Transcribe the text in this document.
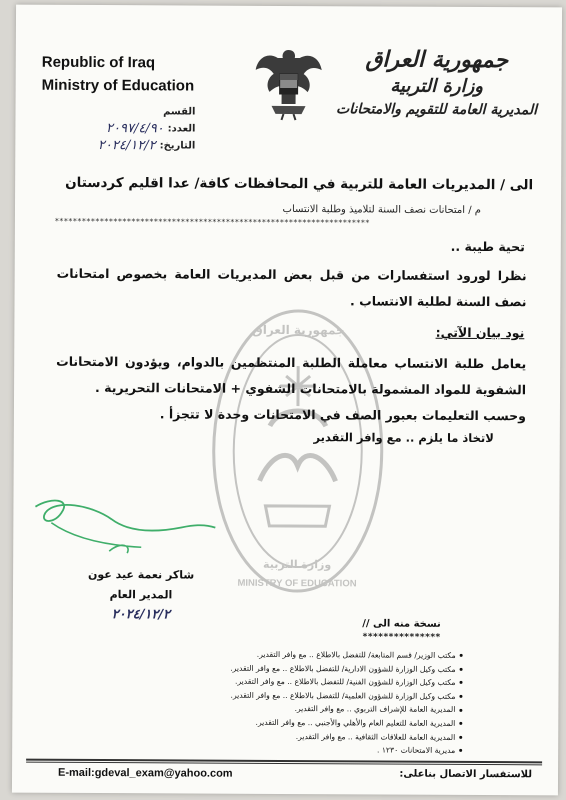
Republic of Iraq
Ministry of Education
جمهورية العراق
وزارة التربية
المديرية العامة للتقويم والامتحانات
القسم
العدد:
٢٠٩٧/٤/٩٠
التاريخ:
٢٠٢٤/١٢/٢
جمهورية العراق
وزارة التربية
MINISTRY OF EDUCATION
الى / المديريات العامة للتربية في المحافظات كافة/ عدا اقليم كردستان
م / امتحانات نصف السنة لتلاميذ وطلبة الانتساب
**********************************************************************
تحية طيبة ..
نظرا لورود استفسارات من قبل بعض المديريات العامة بخصوص امتحانات نصف السنة لطلبة الانتساب .
نود بيان الآتي:
يعامل طلبة الانتساب معاملة الطلبة المنتظمين بالدوام، ويؤدون الامتحانات الشفوية للمواد المشمولة بالامتحانات الشفوي + الامتحانات التحريرية .
وحسب التعليمات بعبور الصف في الامتحانات وحدة لا تتجزأ .
لاتخاذ ما يلزم .. مع وافر التقدير
شاكر نعمة عيد عون
المدير العام
٢٠٢٤/١٢/٢
نسخة منه الى //
***************
مكتب الوزير/ قسم المتابعة/ للتفضل بالاطلاع .. مع وافر التقدير.
مكتب وكيل الوزارة للشؤون الادارية/ للتفضل بالاطلاع .. مع وافر التقدير.
مكتب وكيل الوزارة للشؤون الفنية/ للتفضل بالاطلاع .. مع وافر التقدير.
مكتب وكيل الوزارة للشؤون العلمية/ للتفضل بالاطلاع .. مع وافر التقدير.
المديرية العامة للإشراف التربوي .. مع وافر التقدير.
المديرية العامة للتعليم العام والأهلي والأجنبي .. مع وافر التقدير.
المديرية العامة للعلاقات الثقافية .. مع وافر التقدير.
مديرية الامتحانات ١٢٣٠ .
E-mail:gdeval_exam@yahoo.com	للاستفسار الاتصال بناعلى:
